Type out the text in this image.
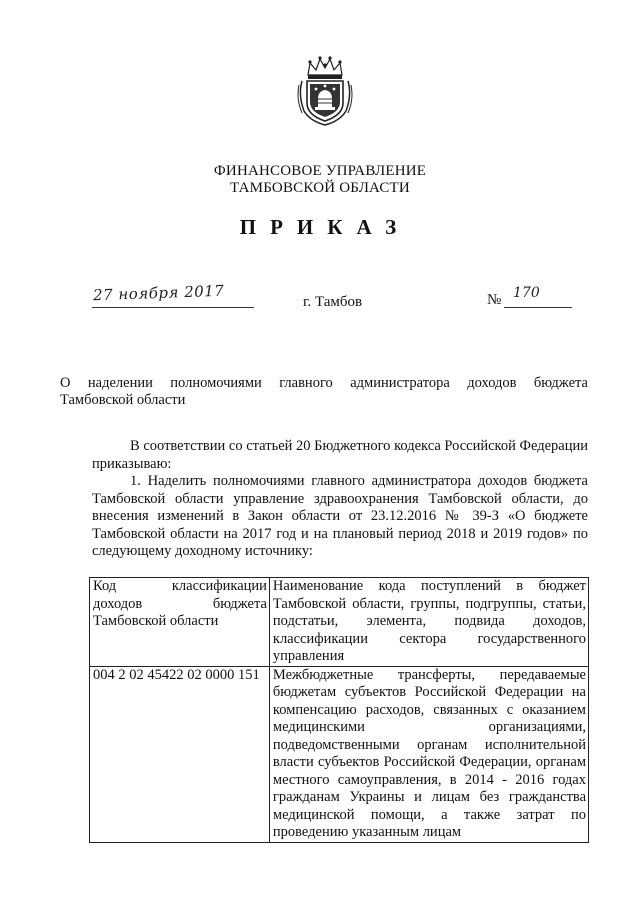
ФИНАНСОВОЕ УПРАВЛЕНИЕ
ТАМБОВСКОЙ ОБЛАСТИ
ПРИКАЗ
27 ноября 2017	г. Тамбов	№ 170
О наделении полномочиями главного администратора доходов бюджета
Тамбовской области

В соответствии со статьей 20 Бюджетного кодекса Российской Федерации приказываю:

1. Наделить полномочиями главного администратора доходов бюджета Тамбовской области управление здравоохранения Тамбовской области, до внесения изменений в Закон области от 23.12.2016 № 39-З «О бюджете Тамбовской области на 2017 год и на плановый период 2018 и 2019 годов» по следующему доходному источнику:

Код классификации доходов бюджета Тамбовской области	Наименование кода поступлений в бюджет Тамбовской области, группы, подгруппы, статьи, подстатьи, элемента, подвида доходов, классификации сектора государственного управления

004 2 02 45422 02 0000 151	Межбюджетные трансферты, передаваемые бюджетам субъектов Российской Федерации на компенсацию расходов, связанных с оказанием медицинскими организациями, подведомственными органам исполнительной власти субъектов Российской Федерации, органам местного самоуправления, в 2014 - 2016 годах гражданам Украины и лицам без гражданства медицинской помощи, а также затрат по проведению указанным лицам
